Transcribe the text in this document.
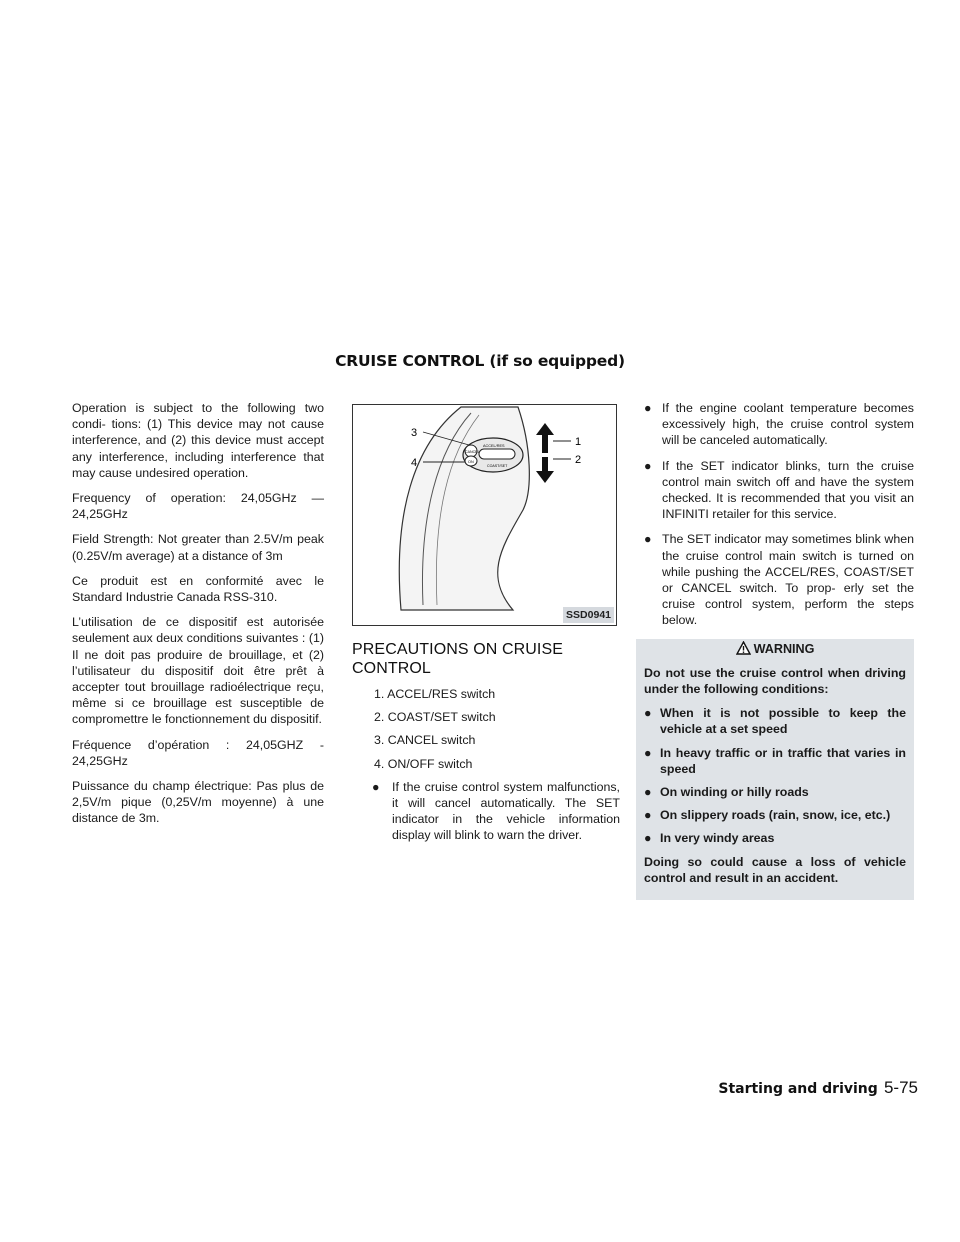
CRUISE CONTROL (if so equipped)

Operation is subject to the following two condi- tions: (1) This device may not cause interference, and (2) this device must accept any interference, including interference that may cause undesired operation.

Frequency of operation: 24,05GHz — 24,25GHz

Field Strength: Not greater than 2.5V/m peak (0.25V/m average) at a distance of 3m

Ce produit est en conformité avec le Standard Industrie Canada RSS-310.

L’utilisation de ce dispositif est autorisée seulement aux deux conditions suivantes : (1) Il ne doit pas produire de brouillage, et (2) l’utilisateur du dispositif doit être prêt à accepter tout brouillage radioélectrique reçu, même si ce brouillage est susceptible de compromettre le fonctionnement du dispositif.

Fréquence d’opération : 24,05GHZ - 24,25GHz

Puissance du champ électrique: Pas plus de 2,5V/m pique (0,25V/m moyenne) à une distance de 3m.

CANCEL
ACCEL/RES
ON
COAST/SET
3
4
1
2
SSD0941
PRECAUTIONS ON CRUISE CONTROL
1. ACCEL/RES switch
2. COAST/SET switch
3. CANCEL switch
4. ON/OFF switch
● If the cruise control system malfunctions, it will cancel automatically. The SET indicator in the vehicle information display will blink to warn the driver.
● If the engine coolant temperature becomes excessively high, the cruise control system will be canceled automatically.
● If the SET indicator blinks, turn the cruise control main switch off and have the system checked. It is recommended that you visit an INFINITI retailer for this service.
● The SET indicator may sometimes blink when the cruise control main switch is turned on while pushing the ACCEL/RES, COAST/SET or CANCEL switch. To prop- erly set the cruise control system, perform the steps below.
WARNING

Do not use the cruise control when driving under the following conditions:

● When it is not possible to keep the vehicle at a set speed
● In heavy traffic or in traffic that varies in speed
● On winding or hilly roads
● On slippery roads (rain, snow, ice, etc.)
● In very windy areas

Doing so could cause a loss of vehicle control and result in an accident.

Starting and driving 5-75
